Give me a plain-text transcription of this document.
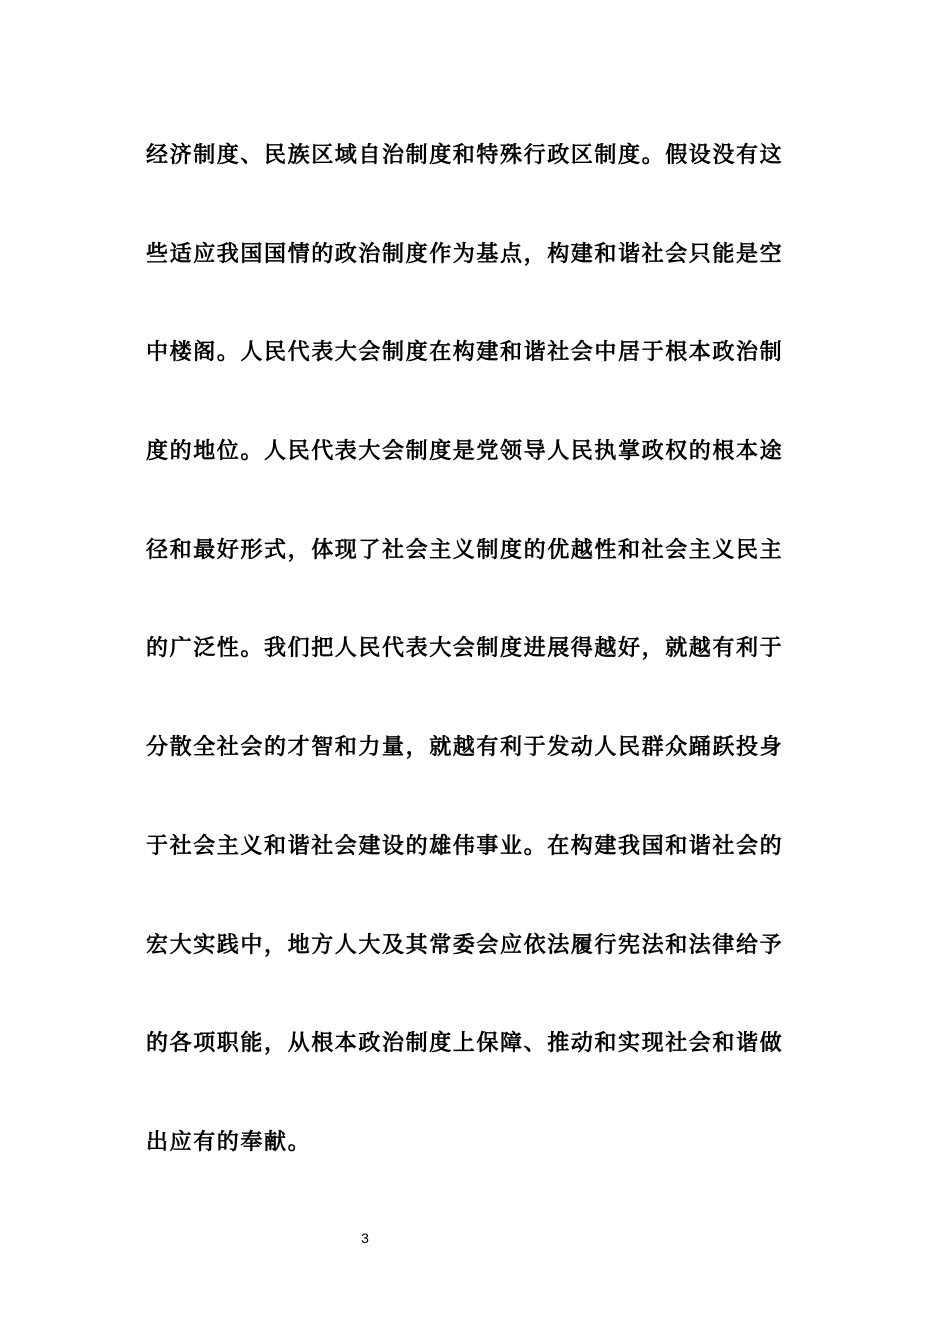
经济制度、民族区域自治制度和特殊行政区制度。假设没有这
些适应我国国情的政治制度作为基点，构建和谐社会只能是空
中楼阁。人民代表大会制度在构建和谐社会中居于根本政治制
度的地位。人民代表大会制度是党领导人民执掌政权的根本途
径和最好形式，体现了社会主义制度的优越性和社会主义民主
的广泛性。我们把人民代表大会制度进展得越好，就越有利于
分散全社会的才智和力量，就越有利于发动人民群众踊跃投身
于社会主义和谐社会建设的雄伟事业。在构建我国和谐社会的
宏大实践中，地方人大及其常委会应依法履行宪法和法律给予
的各项职能，从根本政治制度上保障、推动和实现社会和谐做
出应有的奉献。
3
